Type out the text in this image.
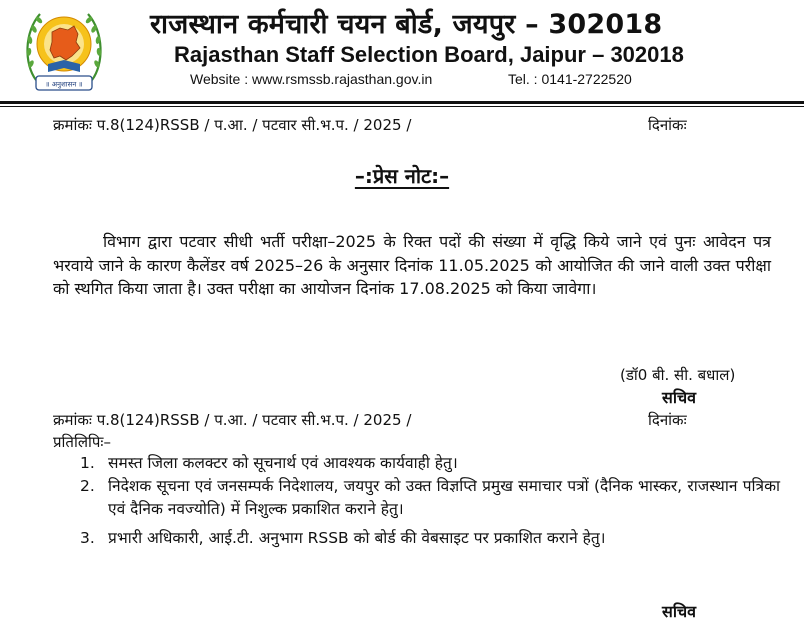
॥ अनुशासन ॥
राजस्थान कर्मचारी चयन बोर्ड, जयपुर – 302018
Rajasthan Staff Selection Board, Jaipur – 302018
Website : www.rsmssb.rajasthan.gov.in	Tel. : 0141-2722520
क्रमांकः प.8(124)RSSB / प.आ. / पटवार सी.भ.प. / 2025 /	दिनांकः
–:प्रेस नोट:–
विभाग द्वारा पटवार सीधी भर्ती परीक्षा–2025 के रिक्त पदों की संख्या में वृद्धि किये जाने एवं पुनः आवेदन पत्र भरवाये जाने के कारण कैलेंडर वर्ष 2025–26 के अनुसार दिनांक 11.05.2025 को आयोजित की जाने वाली उक्त परीक्षा को स्थगित किया जाता है। उक्त परीक्षा का आयोजन दिनांक 17.08.2025 को किया जावेगा।
(डॉ0 बी. सी. बधाल)
सचिव
क्रमांकः प.8(124)RSSB / प.आ. / पटवार सी.भ.प. / 2025 /	दिनांकः
प्रतिलिपिः–
1. समस्त जिला कलक्टर को सूचनार्थ एवं आवश्यक कार्यवाही हेतु।
2. निदेशक सूचना एवं जनसम्पर्क निदेशालय, जयपुर को उक्त विज्ञप्ति प्रमुख समाचार पत्रों (दैनिक भास्कर, राजस्थान पत्रिका एवं दैनिक नवज्योति) में निशुल्क प्रकाशित कराने हेतु।
3. प्रभारी अधिकारी, आई.टी. अनुभाग RSSB को बोर्ड की वेबसाइट पर प्रकाशित कराने हेतु।
सचिव
